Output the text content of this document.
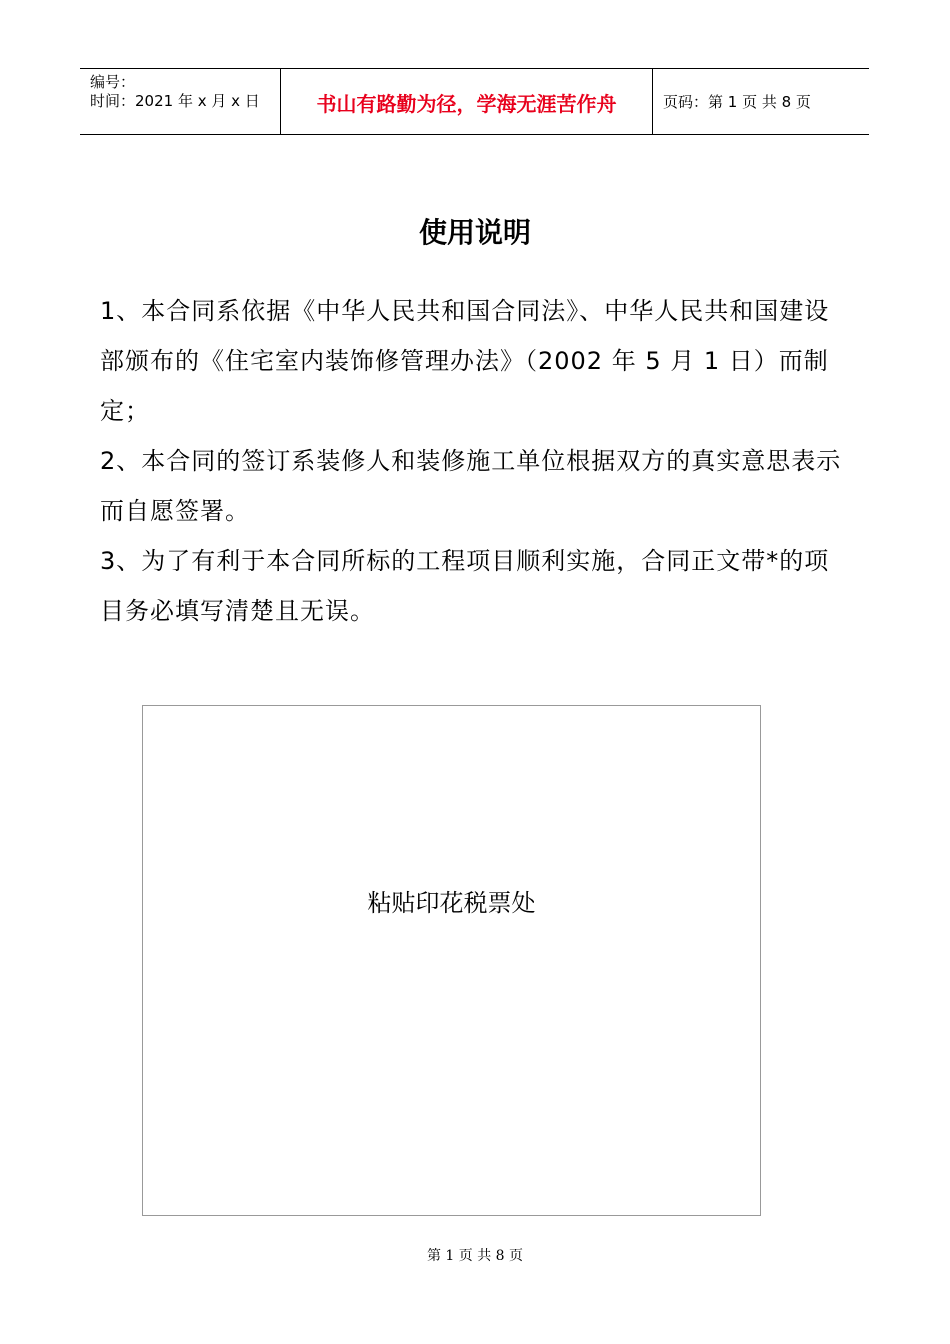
编号：
时间：2021 年 x 月 x 日	书山有路勤为径，学海无涯苦作舟	页码：第 1 页 共 8 页
使用说明

1、本合同系依据《中华人民共和国合同法》、中华人民共和国建设部颁布的《住宅室内装饰修管理办法》（2002 年 5 月 1 日）而制定；

2、本合同的签订系装修人和装修施工单位根据双方的真实意思表示而自愿签署。

3、为了有利于本合同所标的工程项目顺利实施，合同正文带*的项目务必填写清楚且无误。

粘贴印花税票处
第 1 页 共 8 页
